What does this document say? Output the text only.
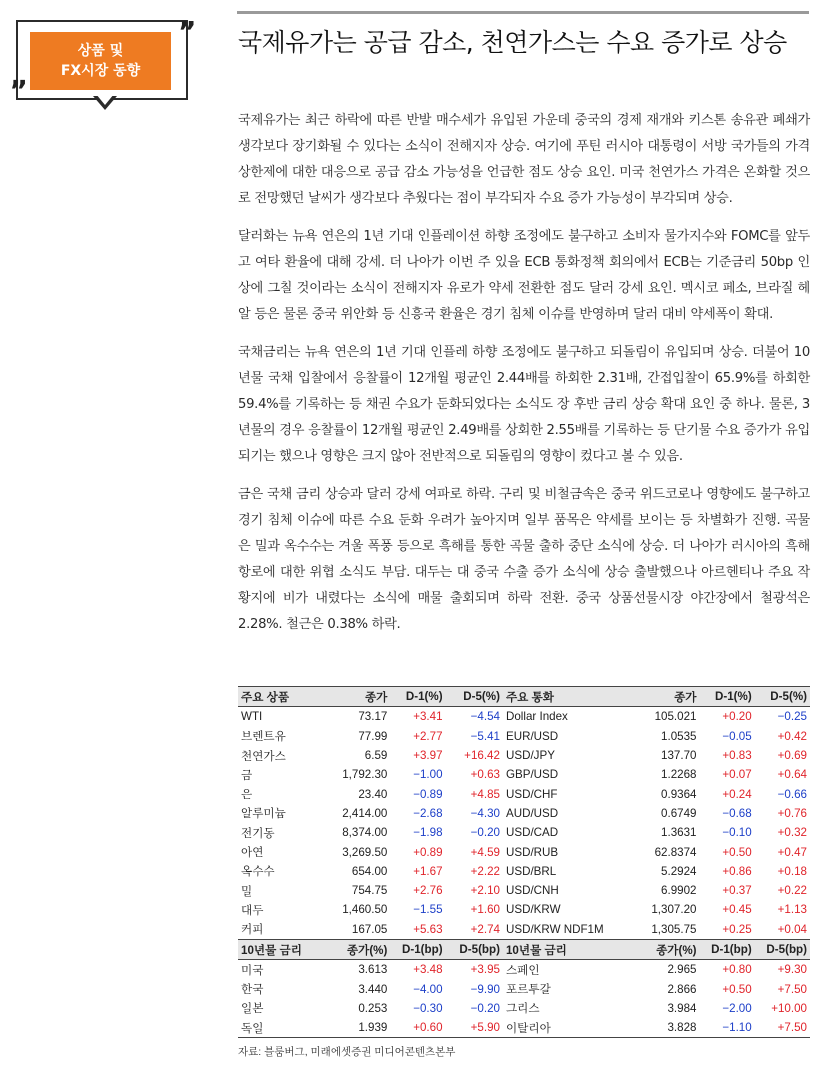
상품 및
FX시장 동향
”
„
국제유가는 공급 감소, 천연가스는 수요 증가로 상승

국제유가는 최근 하락에 따른 반발 매수세가 유입된 가운데 중국의 경제 재개와 키스톤 송유관 폐쇄가 생각보다 장기화될 수 있다는 소식이 전해지자 상승. 여기에 푸틴 러시아 대통령이 서방 국가들의 가격 상한제에 대한 대응으로 공급 감소 가능성을 언급한 점도 상승 요인. 미국 천연가스 가격은 온화할 것으로 전망했던 날씨가 생각보다 추웠다는 점이 부각되자 수요 증가 가능성이 부각되며 상승.

달러화는 뉴욕 연은의 1년 기대 인플레이션 하향 조정에도 불구하고 소비자 물가지수와 FOMC를 앞두고 여타 환율에 대해 강세. 더 나아가 이번 주 있을 ECB 통화정책 회의에서 ECB는 기준금리 50bp 인상에 그칠 것이라는 소식이 전해지자 유로가 약세 전환한 점도 달러 강세 요인. 멕시코 페소, 브라질 헤알 등은 물론 중국 위안화 등 신흥국 환율은 경기 침체 이슈를 반영하며 달러 대비 약세폭이 확대.

국채금리는 뉴욕 연은의 1년 기대 인플레 하향 조정에도 불구하고 되돌림이 유입되며 상승. 더불어 10년물 국채 입찰에서 응찰률이 12개월 평균인 2.44배를 하회한 2.31배, 간접입찰이 65.9%를 하회한 59.4%를 기록하는 등 채권 수요가 둔화되었다는 소식도 장 후반 금리 상승 확대 요인 중 하나. 물론, 3년물의 경우 응찰률이 12개월 평균인 2.49배를 상회한 2.55배를 기록하는 등 단기물 수요 증가가 유입되기는 했으나 영향은 크지 않아 전반적으로 되돌림의 영향이 컸다고 볼 수 있음.

금은 국채 금리 상승과 달러 강세 여파로 하락. 구리 및 비철금속은 중국 위드코로나 영향에도 불구하고 경기 침체 이슈에 따른 수요 둔화 우려가 높아지며 일부 품목은 약세를 보이는 등 차별화가 진행. 곡물은 밀과 옥수수는 겨울 폭풍 등으로 흑해를 통한 곡물 출하 중단 소식에 상승. 더 나아가 러시아의 흑해 항로에 대한 위협 소식도 부담. 대두는 대 중국 수출 증가 소식에 상승 출발했으나 아르헨티나 주요 작황지에 비가 내렸다는 소식에 매물 출회되며 하락 전환. 중국 상품선물시장 야간장에서 철광석은 2.28%. 철근은 0.38% 하락.

주요 상품	종가	D-1(%)	D-5(%)	주요 통화	종가	D-1(%)	D-5(%)
WTI	73.17	+3.41	−4.54	Dollar Index	105.021	+0.20	−0.25
브렌트유	77.99	+2.77	−5.41	EUR/USD	1.0535	−0.05	+0.42
천연가스	6.59	+3.97	+16.42	USD/JPY	137.70	+0.83	+0.69
금	1,792.30	−1.00	+0.63	GBP/USD	1.2268	+0.07	+0.64
은	23.40	−0.89	+4.85	USD/CHF	0.9364	+0.24	−0.66
알루미늄	2,414.00	−2.68	−4.30	AUD/USD	0.6749	−0.68	+0.76
전기동	8,374.00	−1.98	−0.20	USD/CAD	1.3631	−0.10	+0.32
아연	3,269.50	+0.89	+4.59	USD/RUB	62.8374	+0.50	+0.47
옥수수	654.00	+1.67	+2.22	USD/BRL	5.2924	+0.86	+0.18
밀	754.75	+2.76	+2.10	USD/CNH	6.9902	+0.37	+0.22
대두	1,460.50	−1.55	+1.60	USD/KRW	1,307.20	+0.45	+1.13
커피	167.05	+5.63	+2.74	USD/KRW NDF1M	1,305.75	+0.25	+0.04
10년물 금리	종가(%)	D-1(bp)	D-5(bp)	10년물 금리	종가(%)	D-1(bp)	D-5(bp)
미국	3.613	+3.48	+3.95	스페인	2.965	+0.80	+9.30
한국	3.440	−4.00	−9.90	포르투갈	2.866	+0.50	+7.50
일본	0.253	−0.30	−0.20	그리스	3.984	−2.00	+10.00
독일	1.939	+0.60	+5.90	이탈리아	3.828	−1.10	+7.50
자료: 블룸버그, 미래에셋증권 미디어콘텐츠본부
